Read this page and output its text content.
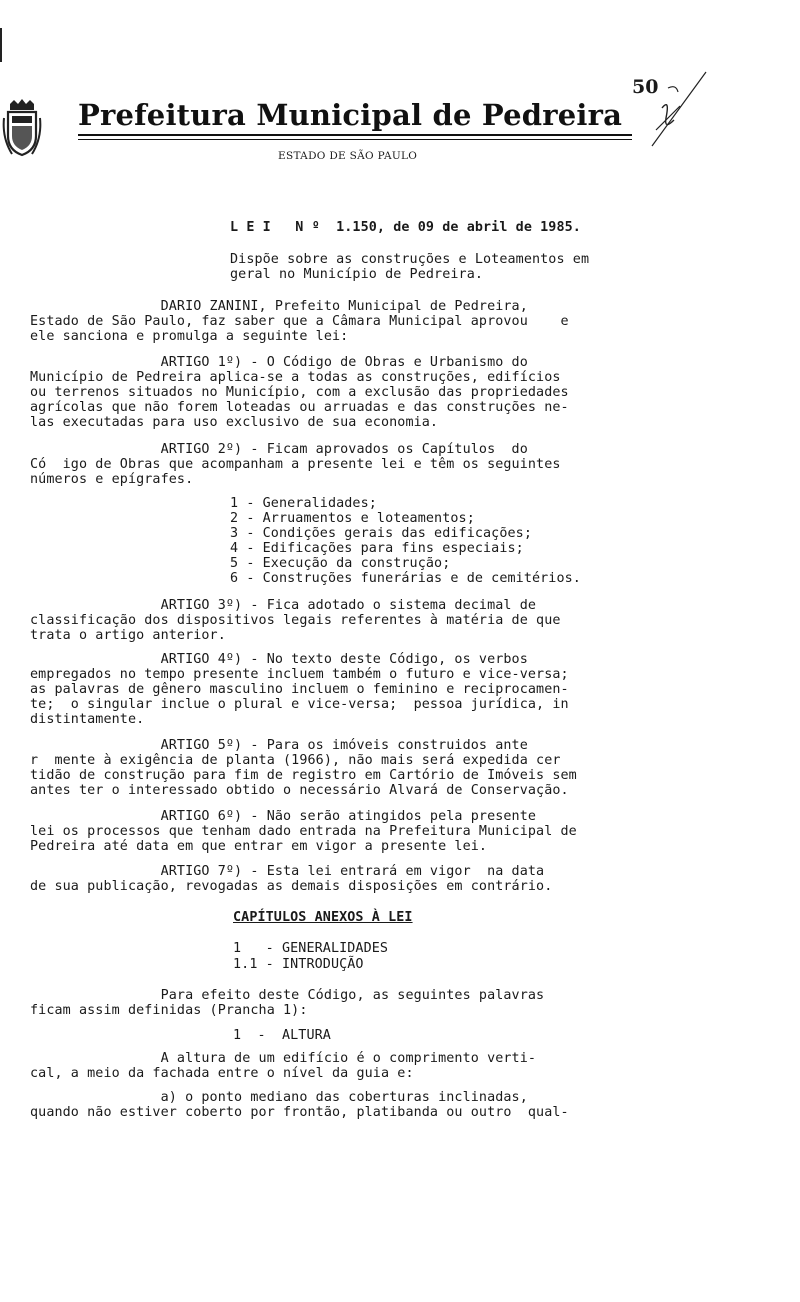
Prefeitura Municipal de Pedreira
ESTADO DE SÃO PAULO
50
L E I   N º  1.150, de 09 de abril de 1985.
Dispõe sobre as construções e Loteamentos em
geral no Município de Pedreira.
DARIO ZANINI, Prefeito Municipal de Pedreira,
Estado de São Paulo, faz saber que a Câmara Municipal aprovou    e
ele sanciona e promulga a seguinte lei:
ARTIGO 1º) - O Código de Obras e Urbanismo do
Município de Pedreira aplica-se a todas as construções, edifícios
ou terrenos situados no Município, com a exclusão das propriedades
agrícolas que não forem loteadas ou arruadas e das construções ne-
las executadas para uso exclusivo de sua economia.
ARTIGO 2º) - Ficam aprovados os Capítulos  do
Có  igo de Obras que acompanham a presente lei e têm os seguintes
números e epígrafes.
1 - Generalidades;
2 - Arruamentos e loteamentos;
3 - Condições gerais das edificações;
4 - Edificações para fins especiais;
5 - Execução da construção;
6 - Construções funerárias e de cemitérios.
ARTIGO 3º) - Fica adotado o sistema decimal de
classificação dos dispositivos legais referentes à matéria de que
trata o artigo anterior.
ARTIGO 4º) - No texto deste Código, os verbos
empregados no tempo presente incluem também o futuro e vice-versa;
as palavras de gênero masculino incluem o feminino e reciprocamen-
te;  o singular inclue o plural e vice-versa;  pessoa jurídica, in
distintamente.
ARTIGO 5º) - Para os imóveis construidos ante
r  mente à exigência de planta (1966), não mais será expedida cer
tidão de construção para fim de registro em Cartório de Imóveis sem
antes ter o interessado obtido o necessário Alvará de Conservação.
ARTIGO 6º) - Não serão atingidos pela presente
lei os processos que tenham dado entrada na Prefeitura Municipal de
Pedreira até data em que entrar em vigor a presente lei.
ARTIGO 7º) - Esta lei entrará em vigor  na data
de sua publicação, revogadas as demais disposições em contrário.
CAPÍTULOS ANEXOS À LEI
1   - GENERALIDADES
1.1 - INTRODUÇÃO
Para efeito deste Código, as seguintes palavras
ficam assim definidas (Prancha 1):
1  -  ALTURA
A altura de um edifício é o comprimento verti-
cal, a meio da fachada entre o nível da guia e:
a) o ponto mediano das coberturas inclinadas,
quando não estiver coberto por frontão, platibanda ou outro  qual-
